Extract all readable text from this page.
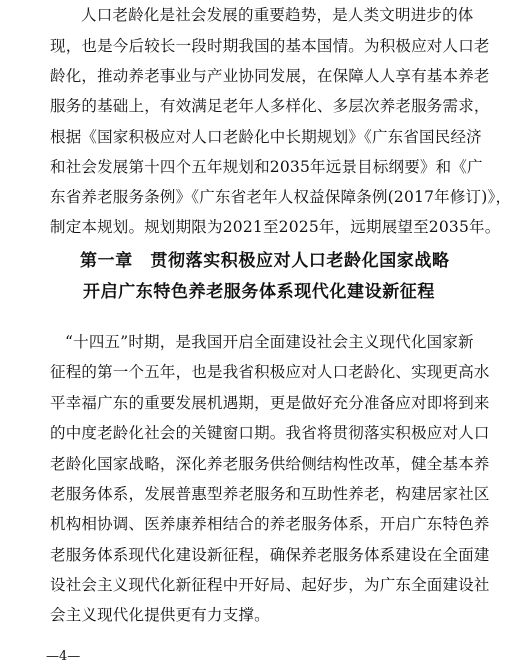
人口老龄化是社会发展的重要趋势，是人类文明进步的体
现，也是今后较长一段时期我国的基本国情。为积极应对人口老
龄化，推动养老事业与产业协同发展，在保障人人享有基本养老
服务的基础上，有效满足老年人多样化、多层次养老服务需求，
根据《国家积极应对人口老龄化中长期规划》《广东省国民经济
和社会发展第十四个五年规划和2035年远景目标纲要》和《广
东省养老服务条例》《广东省老年人权益保障条例(2017年修订)》，
制定本规划。规划期限为2021至2025年，远期展望至2035年。
第一章　贯彻落实积极应对人口老龄化国家战略
开启广东特色养老服务体系现代化建设新征程
“十四五”时期，是我国开启全面建设社会主义现代化国家新
征程的第一个五年，也是我省积极应对人口老龄化、实现更高水
平幸福广东的重要发展机遇期，更是做好充分准备应对即将到来
的中度老龄化社会的关键窗口期。我省将贯彻落实积极应对人口
老龄化国家战略，深化养老服务供给侧结构性改革，健全基本养
老服务体系，发展普惠型养老服务和互助性养老，构建居家社区
机构相协调、医养康养相结合的养老服务体系，开启广东特色养
老服务体系现代化建设新征程，确保养老服务体系建设在全面建
设社会主义现代化新征程中开好局、起好步，为广东全面建设社
会主义现代化提供更有力支撑。
—4—
